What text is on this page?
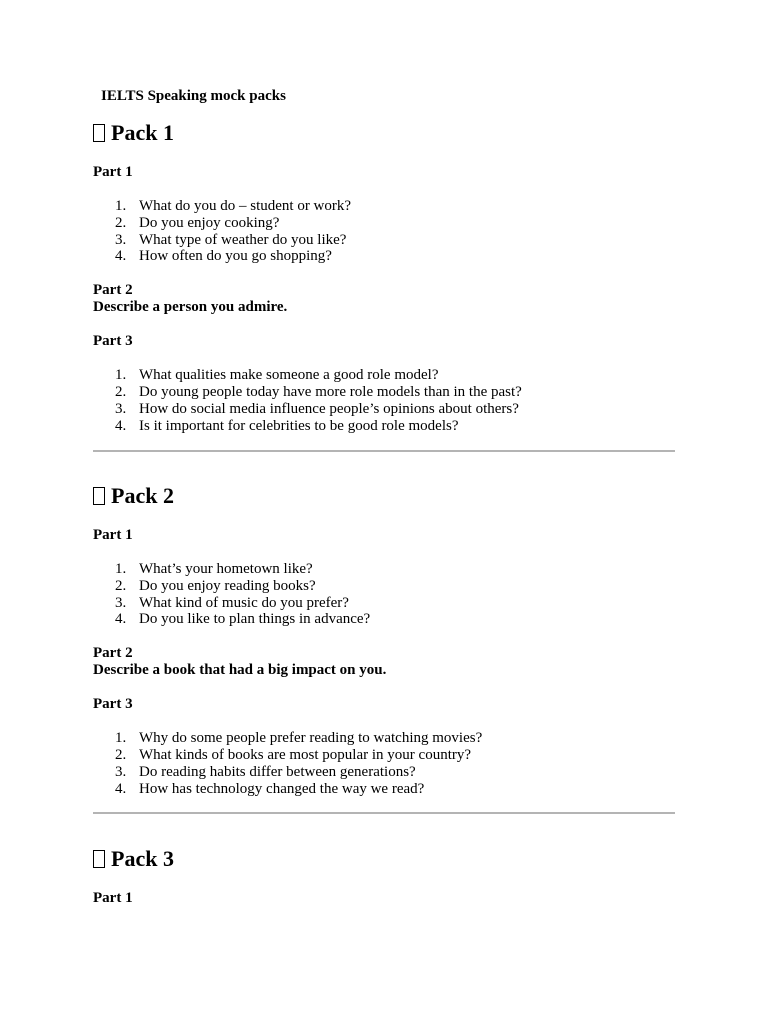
IELTS Speaking mock packs
Pack 1
Part 1
1. What do you do – student or work?
2. Do you enjoy cooking?
3. What type of weather do you like?
4. How often do you go shopping?
Part 2
Describe a person you admire.
Part 3
1. What qualities make someone a good role model?
2. Do young people today have more role models than in the past?
3. How do social media influence people’s opinions about others?
4. Is it important for celebrities to be good role models?
Pack 2
Part 1
1. What’s your hometown like?
2. Do you enjoy reading books?
3. What kind of music do you prefer?
4. Do you like to plan things in advance?
Part 2
Describe a book that had a big impact on you.
Part 3
1. Why do some people prefer reading to watching movies?
2. What kinds of books are most popular in your country?
3. Do reading habits differ between generations?
4. How has technology changed the way we read?
Pack 3
Part 1
